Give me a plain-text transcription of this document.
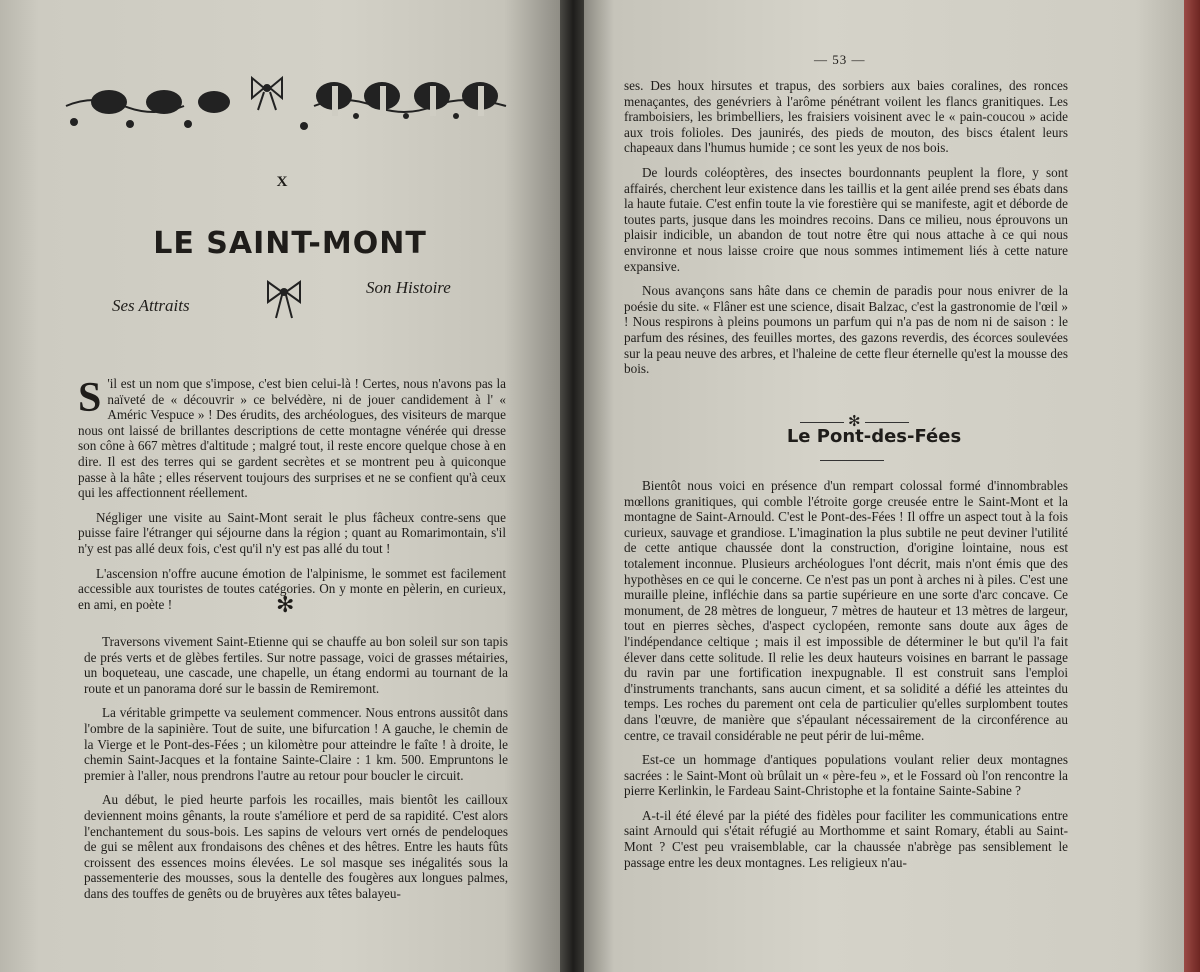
X
LE SAINT-MONT
Ses Attraits
Son Histoire

S 'il est un nom que s'impose, c'est bien celui-là ! Certes, nous n'avons pas la naïveté de « découvrir » ce belvédère, ni de jouer candidement à l' « Améric Vespuce » ! Des érudits, des archéologues, des visiteurs de marque nous ont laissé de brillantes descriptions de cette montagne vénérée qui dresse son cône à 667 mètres d'altitude ; malgré tout, il reste encore quelque chose à en dire. Il est des terres qui se gardent secrètes et se montrent peu à quiconque passe à la hâte ; elles réservent toujours des surprises et ne se confient qu'à ceux qui les affectionnent réellement.

Négliger une visite au Saint-Mont serait le plus fâcheux contre-sens que puisse faire l'étranger qui séjourne dans la région ; quant au Romarimontain, s'il n'y est pas allé deux fois, c'est qu'il n'y est pas allé du tout !

L'ascension n'offre aucune émotion de l'alpinisme, le sommet est facilement accessible aux touristes de toutes catégories. On y monte en pèlerin, en curieux, en ami, en poète !	✻

Traversons vivement Saint-Etienne qui se chauffe au bon soleil sur son tapis de prés verts et de glèbes fertiles. Sur notre passage, voici de grasses métairies, un boqueteau, une cascade, une chapelle, un étang endormi au tournant de la route et un panorama doré sur le bassin de Remiremont.

La véritable grimpette va seulement commencer. Nous entrons aussitôt dans l'ombre de la sapinière. Tout de suite, une bifurcation ! A gauche, le chemin de la Vierge et le Pont-des-Fées ; un kilomètre pour atteindre le faîte ! à droite, le chemin Saint-Jacques et la fontaine Sainte-Claire : 1 km. 500. Empruntons le premier à l'aller, nous prendrons l'autre au retour pour boucler le circuit.

Au début, le pied heurte parfois les rocailles, mais bientôt les cailloux deviennent moins gênants, la route s'améliore et perd de sa rapidité. C'est alors l'enchantement du sous-bois. Les sapins de velours vert ornés de pendeloques de gui se mêlent aux frondaisons des chênes et des hêtres. Entre les hauts fûts croissent des essences moins élevées. Le sol masque ses inégalités sous la passementerie des mousses, sous la dentelle des fougères aux longues palmes, dans des touffes de genêts ou de bruyères aux têtes balayeu-

— 53 —

ses. Des houx hirsutes et trapus, des sorbiers aux baies coralines, des ronces menaçantes, des genévriers à l'arôme pénétrant voilent les flancs granitiques. Les framboisiers, les brimbelliers, les fraisiers voisinent avec le « pain-coucou » acide aux trois folioles. Des jaunirés, des pieds de mouton, des biscs étalent leurs chapeaux dans l'humus humide ; ce sont les yeux de nos bois.

De lourds coléoptères, des insectes bourdonnants peuplent la flore, y sont affairés, cherchent leur existence dans les taillis et la gent ailée prend ses ébats dans la haute futaie. C'est enfin toute la vie forestière qui se manifeste, agit et déborde de toutes parts, jusque dans les moindres recoins. Dans ce milieu, nous éprouvons un plaisir indicible, un abandon de tout notre être qui nous attache à ce qui nous environne et nous laisse croire que nous sommes intimement liés à cette nature expansive.

Nous avançons sans hâte dans ce chemin de paradis pour nous enivrer de la poésie du site. « Flâner est une science, disait Balzac, c'est la gastronomie de l'œil » ! Nous respirons à pleins poumons un parfum qui n'a pas de nom ni de saison : le parfum des résines, des feuilles mortes, des gazons reverdis, des écorces soulevées sur la peau neuve des arbres, et l'haleine de cette fleur éternelle qu'est la mousse des bois.

✻
Le Pont-des-Fées

Bientôt nous voici en présence d'un rempart colossal formé d'innombrables mœllons granitiques, qui comble l'étroite gorge creusée entre le Saint-Mont et la montagne de Saint-Arnould. C'est le Pont-des-Fées ! Il offre un aspect tout à la fois curieux, sauvage et grandiose. L'imagination la plus subtile ne peut deviner l'utilité de cette antique chaussée dont la construction, d'origine lointaine, nous est totalement inconnue. Plusieurs archéologues l'ont décrit, mais n'ont émis que des hypothèses en ce qui le concerne. Ce n'est pas un pont à arches ni à piles. C'est une muraille pleine, infléchie dans sa partie supérieure en une sorte d'arc concave. Ce monument, de 28 mètres de longueur, 7 mètres de hauteur et 13 mètres de largeur, tout en pierres sèches, d'aspect cyclopéen, remonte sans doute aux âges de l'indépendance celtique ; mais il est impossible de déterminer le but qu'il l'a fait élever dans cette solitude. Il relie les deux hauteurs voisines en barrant le passage du ravin par une fortification inexpugnable. Il est construit sans l'emploi d'instruments tranchants, sans aucun ciment, et sa solidité a défié les atteintes du temps. Les roches du parement ont cela de particulier qu'elles surplombent toutes dans l'œuvre, de manière que s'épaulant nécessairement de la circonférence au centre, ce travail considérable ne peut périr de lui-même.

Est-ce un hommage d'antiques populations voulant relier deux montagnes sacrées : le Saint-Mont où brûlait un « père-feu », et le Fossard où l'on rencontre la pierre Kerlinkin, le Fardeau Saint-Christophe et la fontaine Sainte-Sabine ?

A-t-il été élevé par la piété des fidèles pour faciliter les communications entre saint Arnould qui s'était réfugié au Morthomme et saint Romary, établi au Saint-Mont ? C'est peu vraisemblable, car la chaussée n'abrège pas sensiblement le passage entre les deux montagnes. Les religieux n'au-
